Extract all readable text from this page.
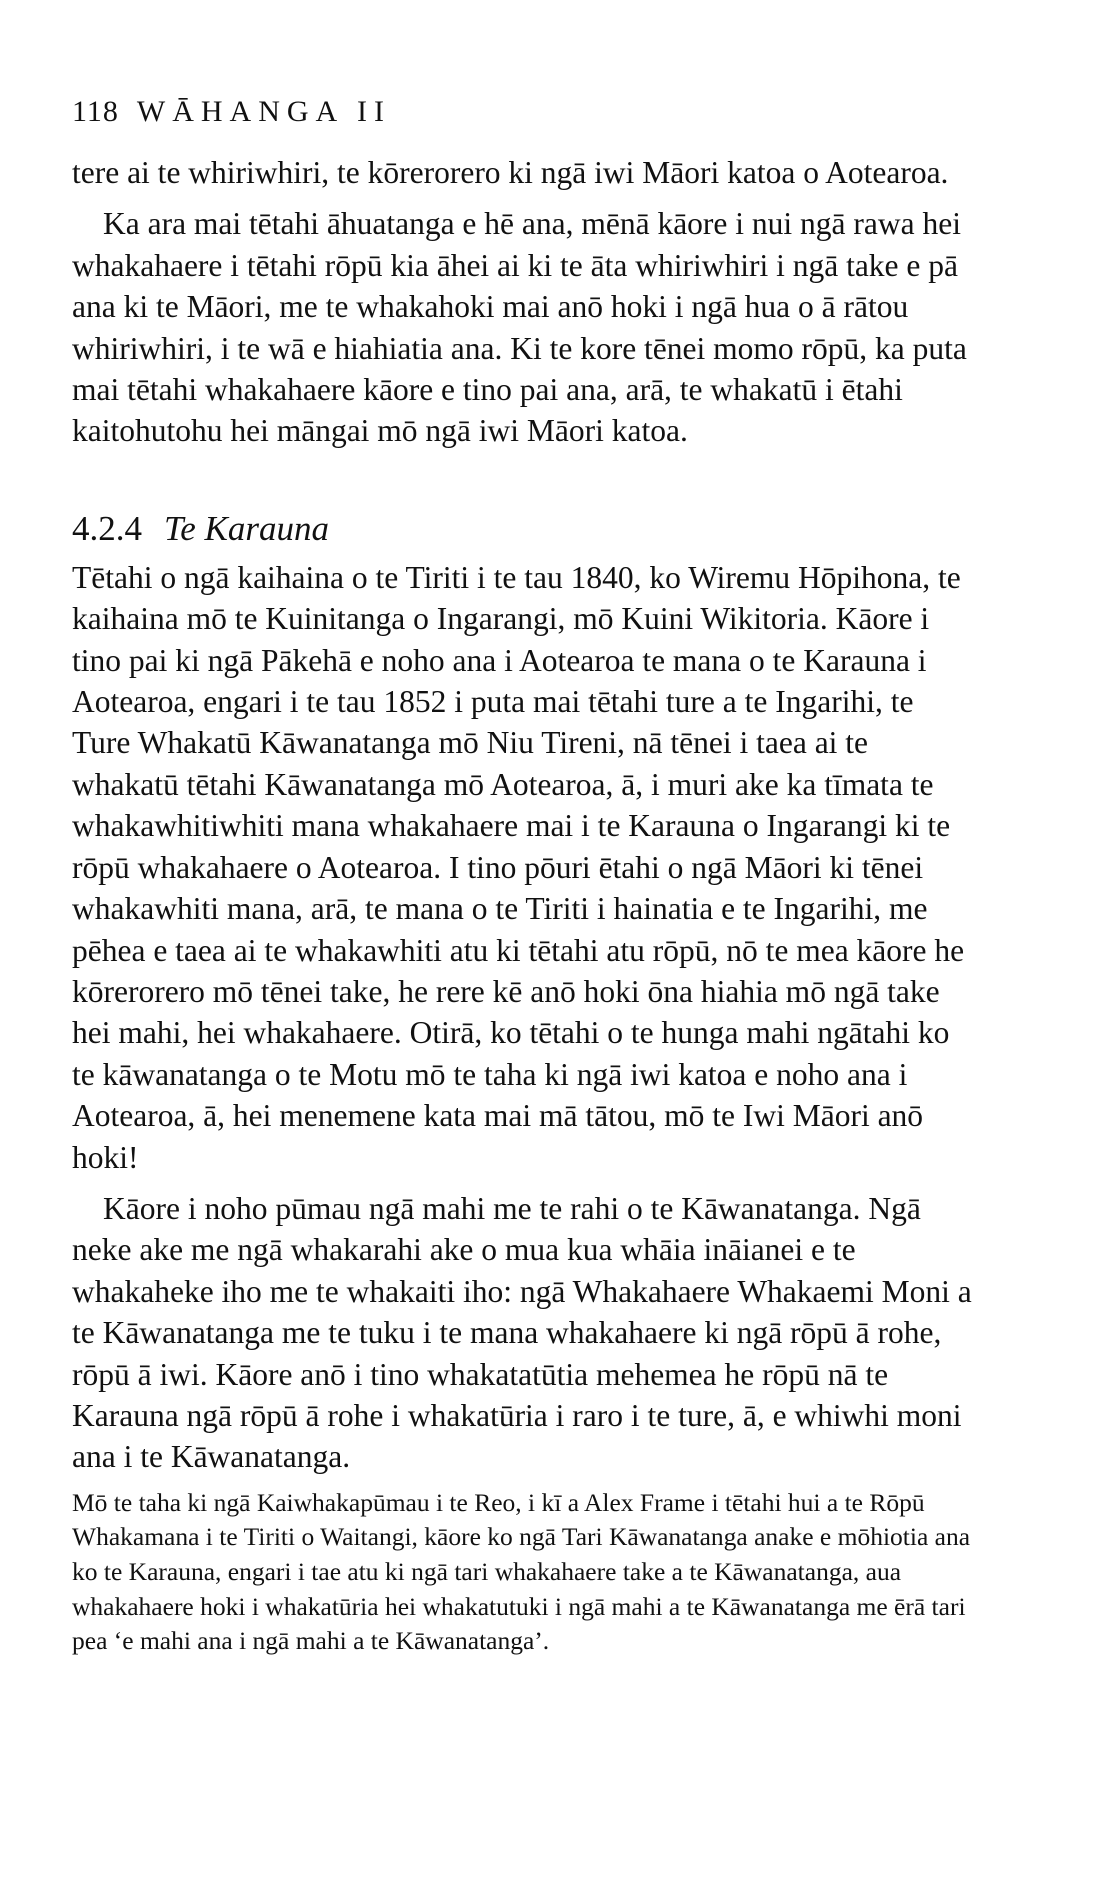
118 WĀHANGA II

tere ai te whiriwhiri, te kōrerorero ki ngā iwi Māori katoa o Aotearoa.

Ka ara mai tētahi āhuatanga e hē ana, mēnā kāore i nui ngā rawa hei whakahaere i tētahi rōpū kia āhei ai ki te āta whiriwhiri i ngā take e pā ana ki te Māori, me te whakahoki mai anō hoki i ngā hua o ā rātou whiriwhiri, i te wā e hiahiatia ana. Ki te kore tēnei momo rōpū, ka puta mai tētahi whakahaere kāore e tino pai ana, arā, te whakatū i ētahi kaitohutohu hei māngai mō ngā iwi Māori katoa.

4.2.4 Te Karauna

Tētahi o ngā kaihaina o te Tiriti i te tau 1840, ko Wiremu Hōpihona, te kaihaina mō te Kuinitanga o Ingarangi, mō Kuini Wikitoria. Kāore i tino pai ki ngā Pākehā e noho ana i Aotearoa te mana o te Karauna i Aotearoa, engari i te tau 1852 i puta mai tētahi ture a te Ingarihi, te Ture Whakatū Kāwanatanga mō Niu Tireni, nā tēnei i taea ai te whakatū tētahi Kāwanatanga mō Aotearoa, ā, i muri ake ka tīmata te whakawhitiwhiti mana whakahaere mai i te Karauna o Ingarangi ki te rōpū whakahaere o Aotearoa. I tino pōuri ētahi o ngā Māori ki tēnei whakawhiti mana, arā, te mana o te Tiriti i hainatia e te Ingarihi, me pēhea e taea ai te whakawhiti atu ki tētahi atu rōpū, nō te mea kāore he kōrerorero mō tēnei take, he rere kē anō hoki ōna hiahia mō ngā take hei mahi, hei whakahaere. Otirā, ko tētahi o te hunga mahi ngātahi ko te kāwanatanga o te Motu mō te taha ki ngā iwi katoa e noho ana i Aotearoa, ā, hei menemene kata mai mā tātou, mō te Iwi Māori anō hoki!

Kāore i noho pūmau ngā mahi me te rahi o te Kāwanatanga. Ngā neke ake me ngā whakarahi ake o mua kua whāia ināianei e te whakaheke iho me te whakaiti iho: ngā Whakahaere Whakaemi Moni a te Kāwanatanga me te tuku i te mana whakahaere ki ngā rōpū ā rohe, rōpū ā iwi. Kāore anō i tino whakatatūtia mehemea he rōpū nā te Karauna ngā rōpū ā rohe i whakatūria i raro i te ture, ā, e whiwhi moni ana i te Kāwanatanga.

Mō te taha ki ngā Kaiwhakapūmau i te Reo, i kī a Alex Frame i tētahi hui a te Rōpū Whakamana i te Tiriti o Waitangi, kāore ko ngā Tari Kāwanatanga anake e mōhiotia ana ko te Karauna, engari i tae atu ki ngā tari whakahaere take a te Kāwanatanga, aua whakahaere hoki i whakatūria hei whakatutuki i ngā mahi a te Kāwanatanga me ērā tari pea ‘e mahi ana i ngā mahi a te Kāwanatanga’.
